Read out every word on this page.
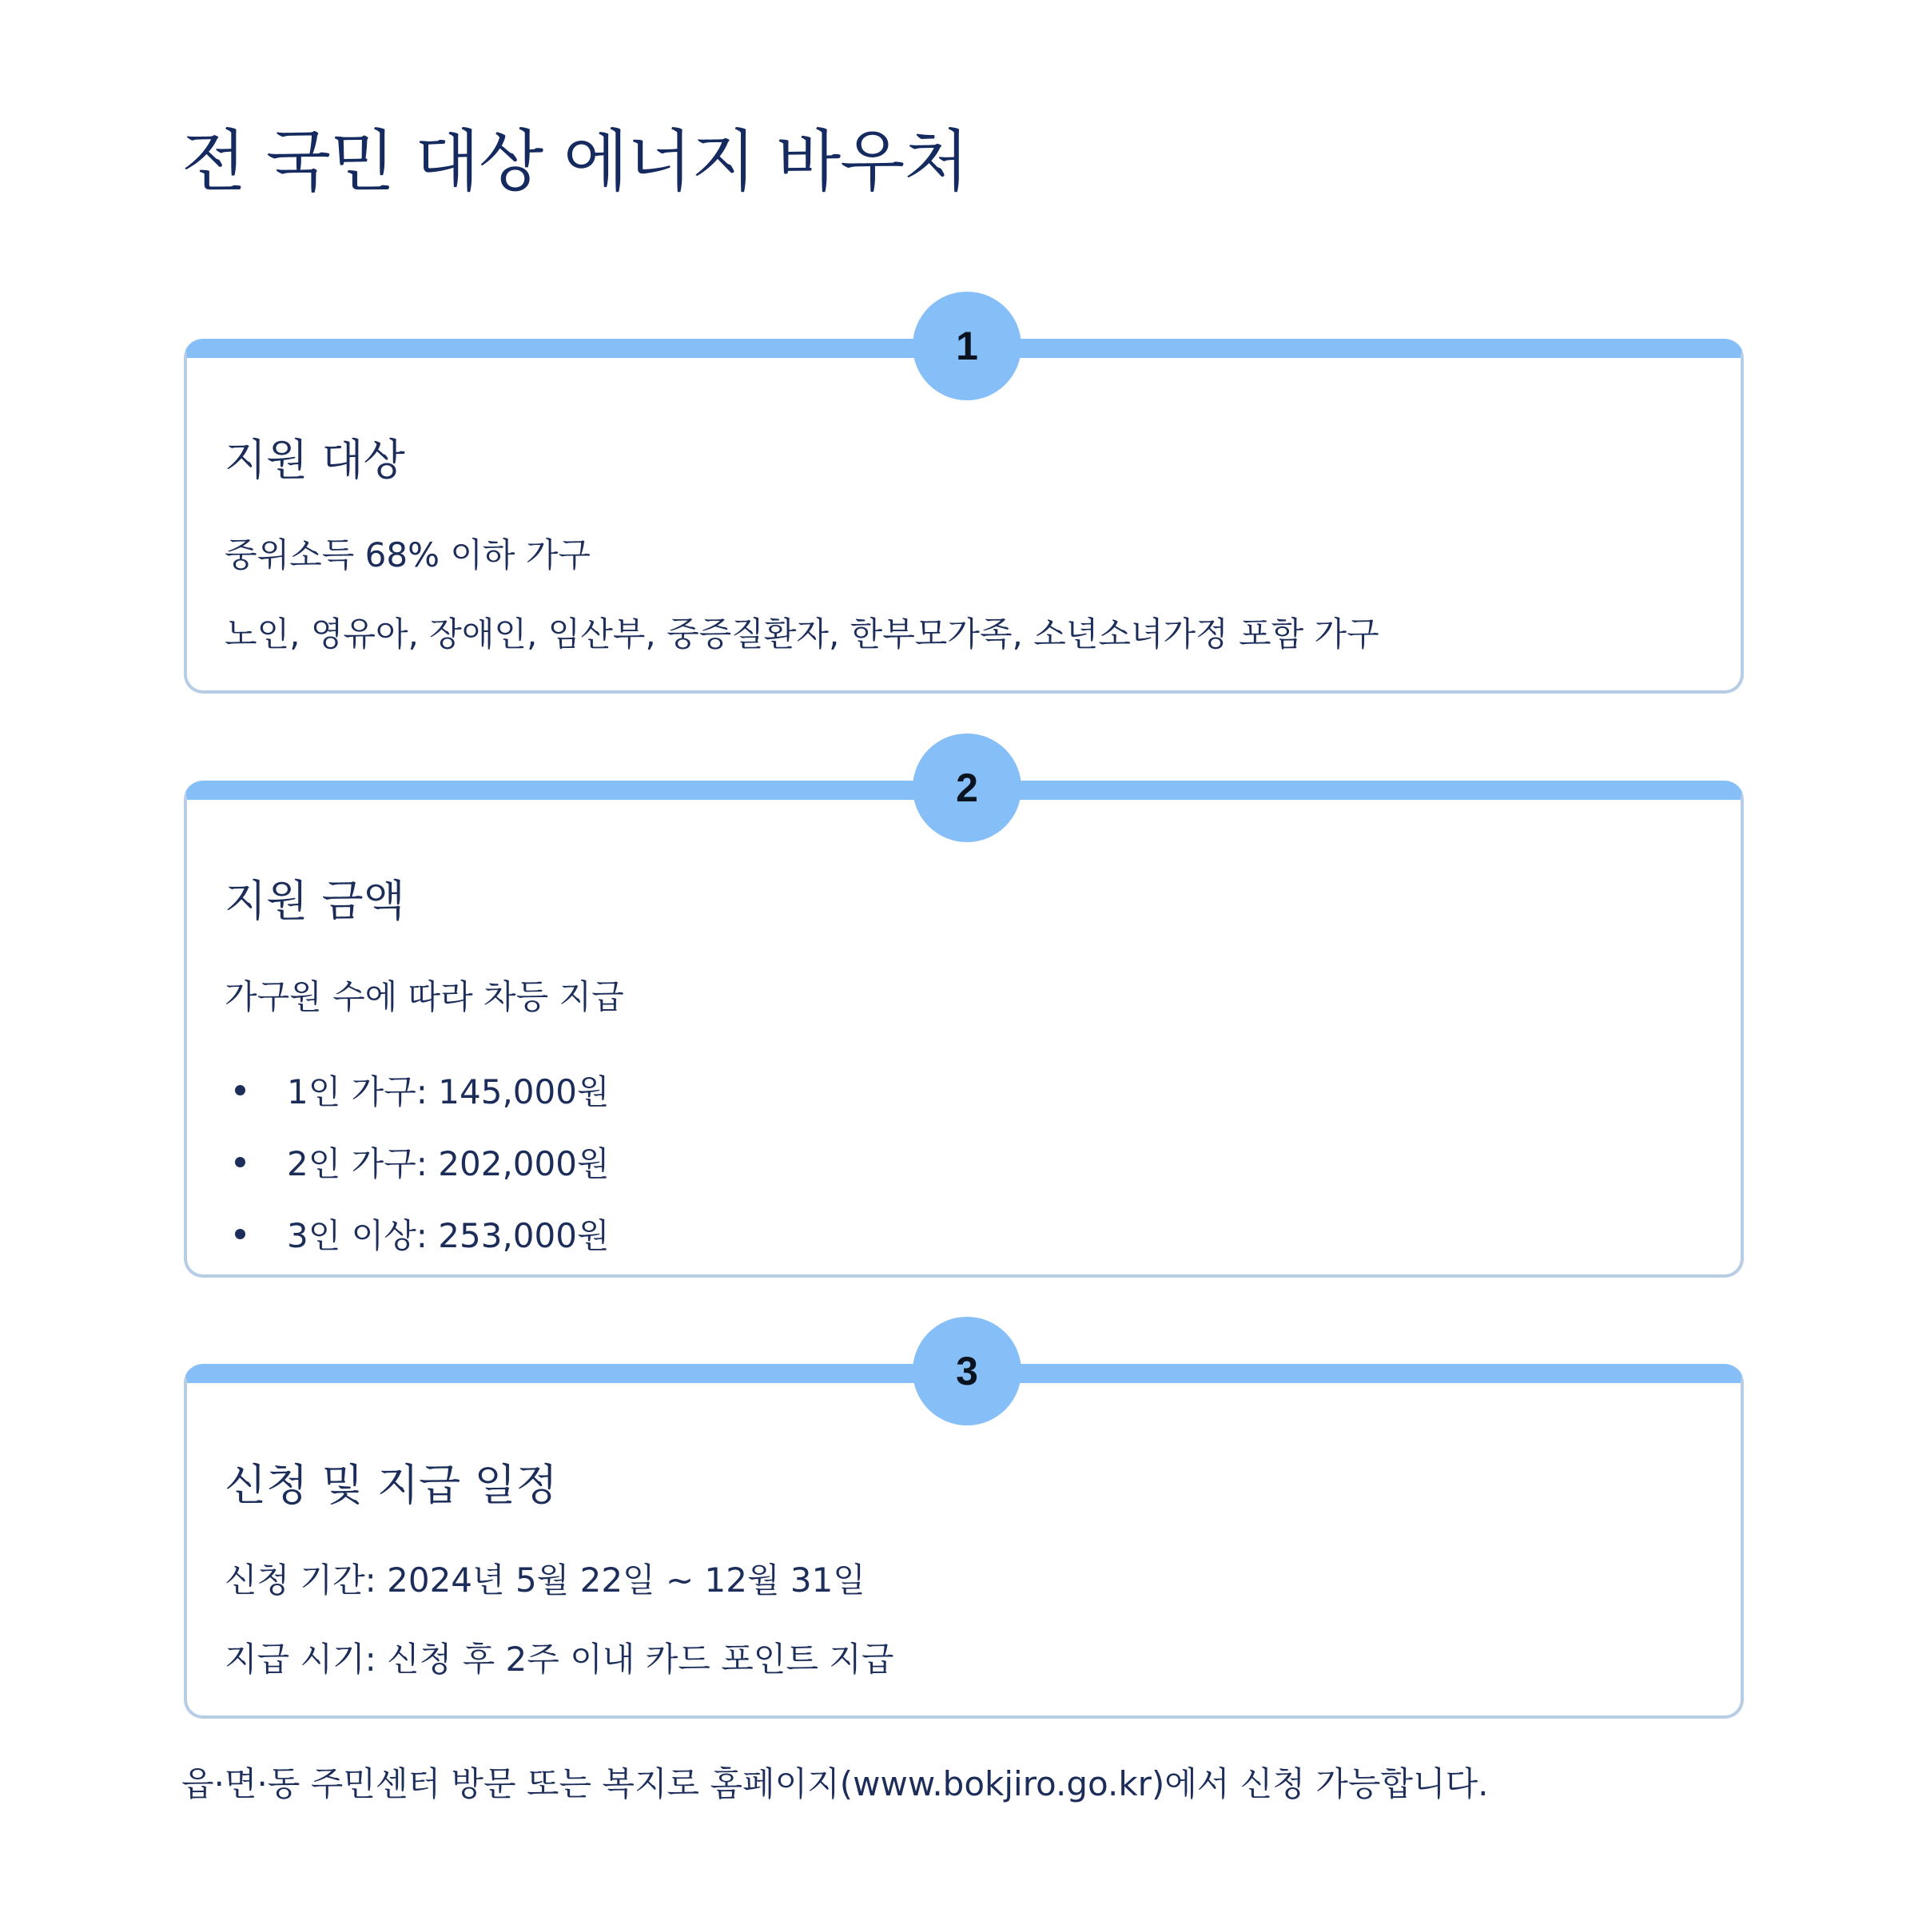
전 국민 대상 에너지 바우처
1
지원 대상

중위소득 68% 이하 가구

노인, 영유아, 장애인, 임산부, 중증질환자, 한부모가족, 소년소녀가정 포함 가구

2
지원 금액

가구원 수에 따라 차등 지급

1인 가구: 145,000원
2인 가구: 202,000원
3인 이상: 253,000원
3
신청 및 지급 일정

신청 기간: 2024년 5월 22일 ~ 12월 31일

지급 시기: 신청 후 2주 이내 카드 포인트 지급

읍·면·동 주민센터 방문 또는 복지로 홈페이지(www.bokjiro.go.kr)에서 신청 가능합니다.
